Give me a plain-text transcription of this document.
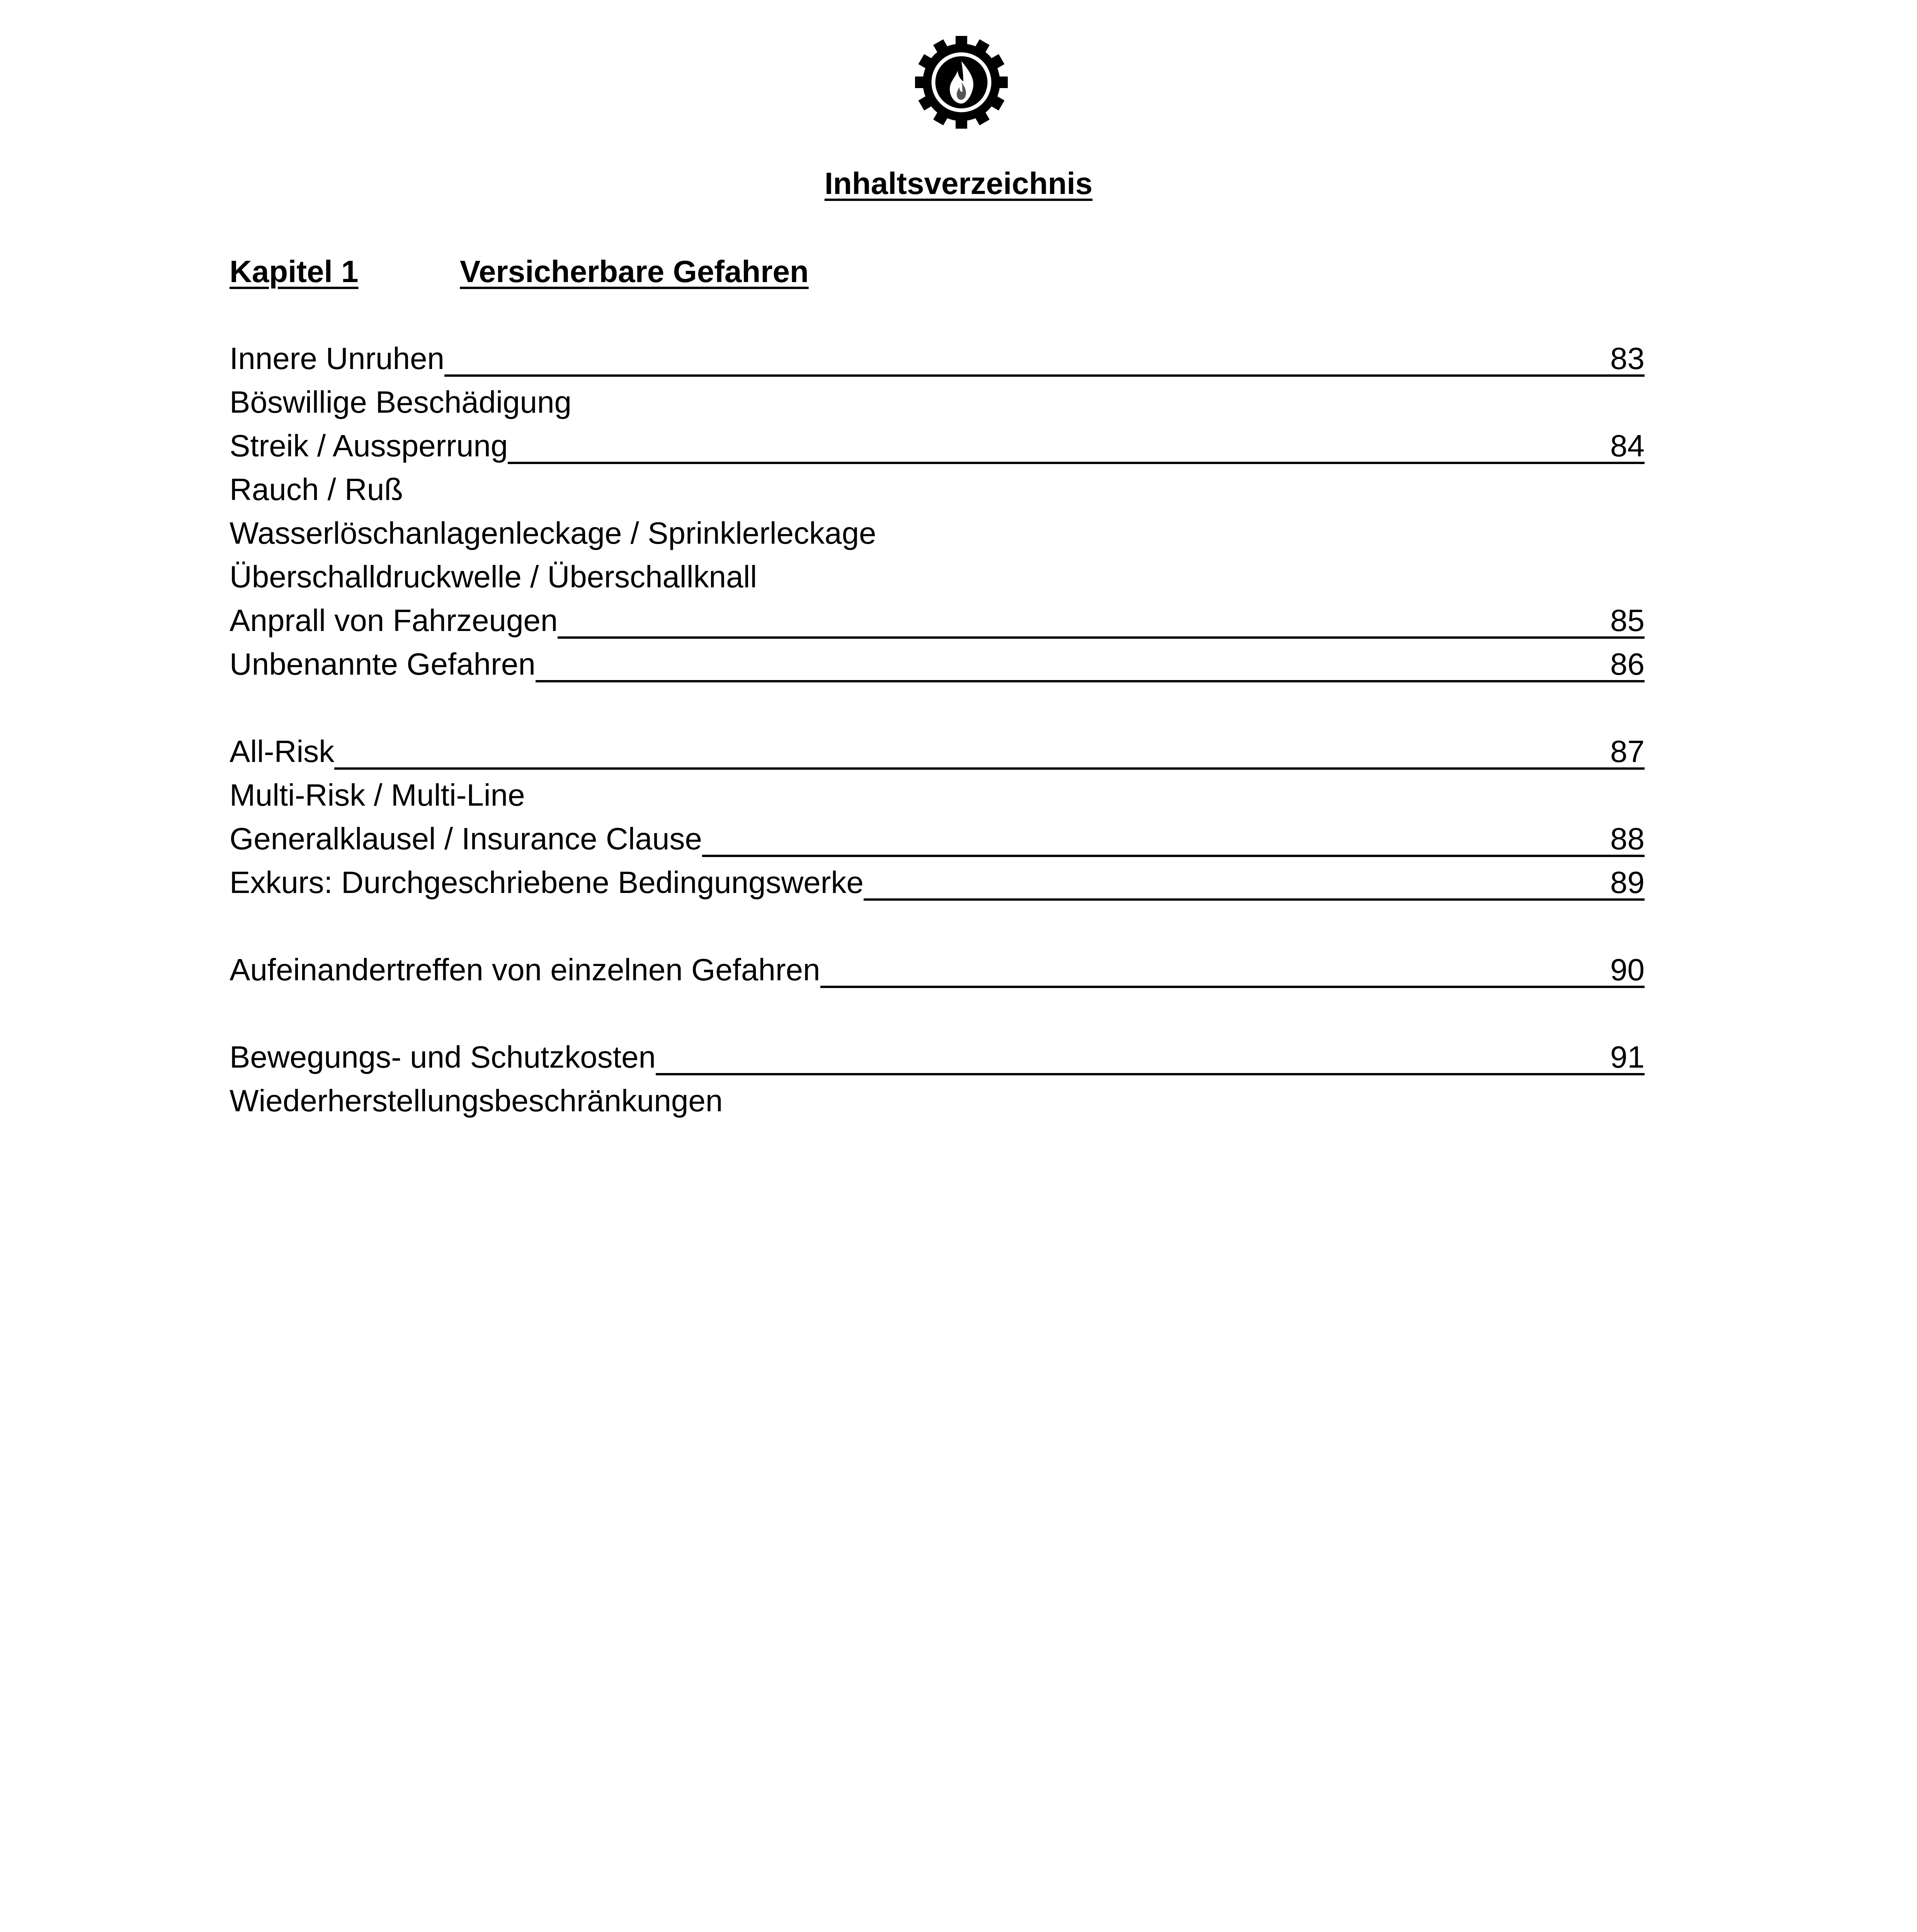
Inhaltsverzeichnis
Kapitel 1	Versicherbare Gefahren
Innere Unruhen	83
Böswillige Beschädigung
Streik / Aussperrung	84
Rauch / Ruß
Wasserlöschanlagenleckage / Sprinklerleckage
Überschalldruckwelle / Überschallknall
Anprall von Fahrzeugen	85
Unbenannte Gefahren	86
All-Risk	87
Multi-Risk / Multi-Line
Generalklausel / Insurance Clause	88
Exkurs: Durchgeschriebene Bedingungswerke	89
Aufeinandertreffen von einzelnen Gefahren	90
Bewegungs- und Schutzkosten	91
Wiederherstellungsbeschränkungen
